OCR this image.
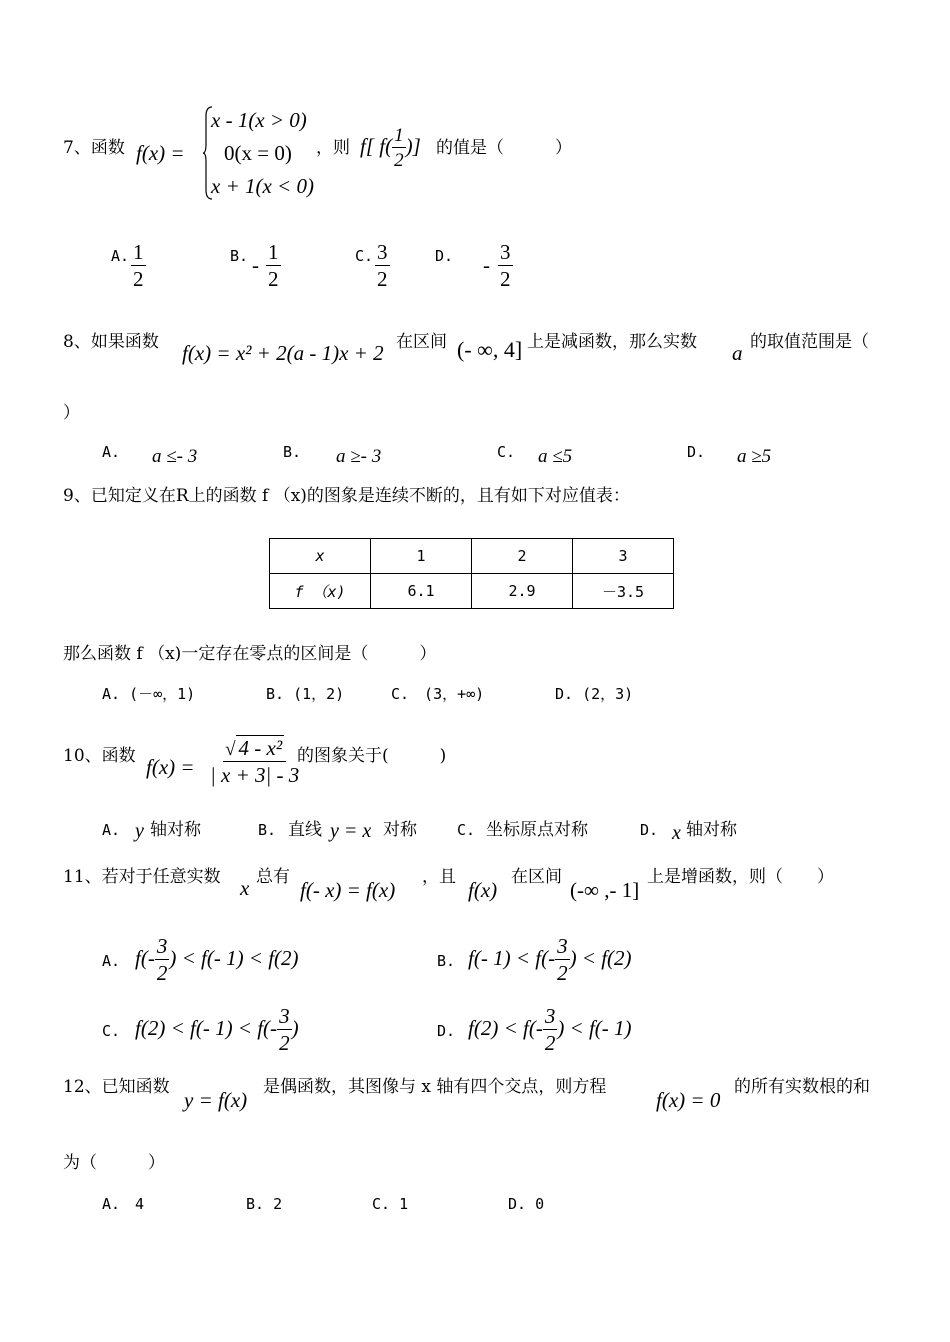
7、函数 f(x) =
x - 1(x > 0)
0(x = 0)
x + 1(x < 0)
，则 f[ $f( \frac{1}{2}$ )] 的值是（　　　）
A. $\frac{1}{2}$	B. - $\frac{1}{2}$	C. $\frac{3}{2}$	D. - $\frac{3}{2}$
8、如果函数 f(x) = x² + 2(a - 1)x + 2 在区间 (- ∞, 4] 上是减函数，那么实数 a 的取值范围是（
）
A. a ≤- 3	B. a ≥- 3	C. a ≤5	D. a ≥5
9、已知定义在R上的函数 f （x)的图象是连续不断的，且有如下对应值表：
x	1	2	3
f （x)	6.1	2.9	－3.5
那么函数 f （x)一定存在零点的区间是（　　　）
A. (－∞，1)	B. (1，2)	C.　(3，+∞)	D. (2，3)
10、函数 $f(x) = \frac{\text{√ 4 - x²}}{| x + 3| - 3}$
的图象关于(　　　)
A. y 轴对称	B. 直线 y = x 对称	C. 坐标原点对称	D. x 轴对称
11、若对于任意实数 x 总有
f(- x) = f(x)
，且
f(x)
在区间
(-∞ ,- 1]
上是增函数，则（　　）
A. $f(- \frac{3}{2}$ ) < f(- 1) < f(2)	B. f(- $1) < f(- \frac{3}{2}$ ) < f(2)
C. f(2) < f(- $1) < f(- \frac{3}{2}$ )	D. $f(2) < f(- \frac{3}{2}$ ) < f(- 1)
12、已知函数
y = f(x)
是偶函数，其图像与 x 轴有四个交点，则方程
f(x) = 0
的所有实数根的和
为（　　　）
A.　4	B. 2	C. 1	D. 0
